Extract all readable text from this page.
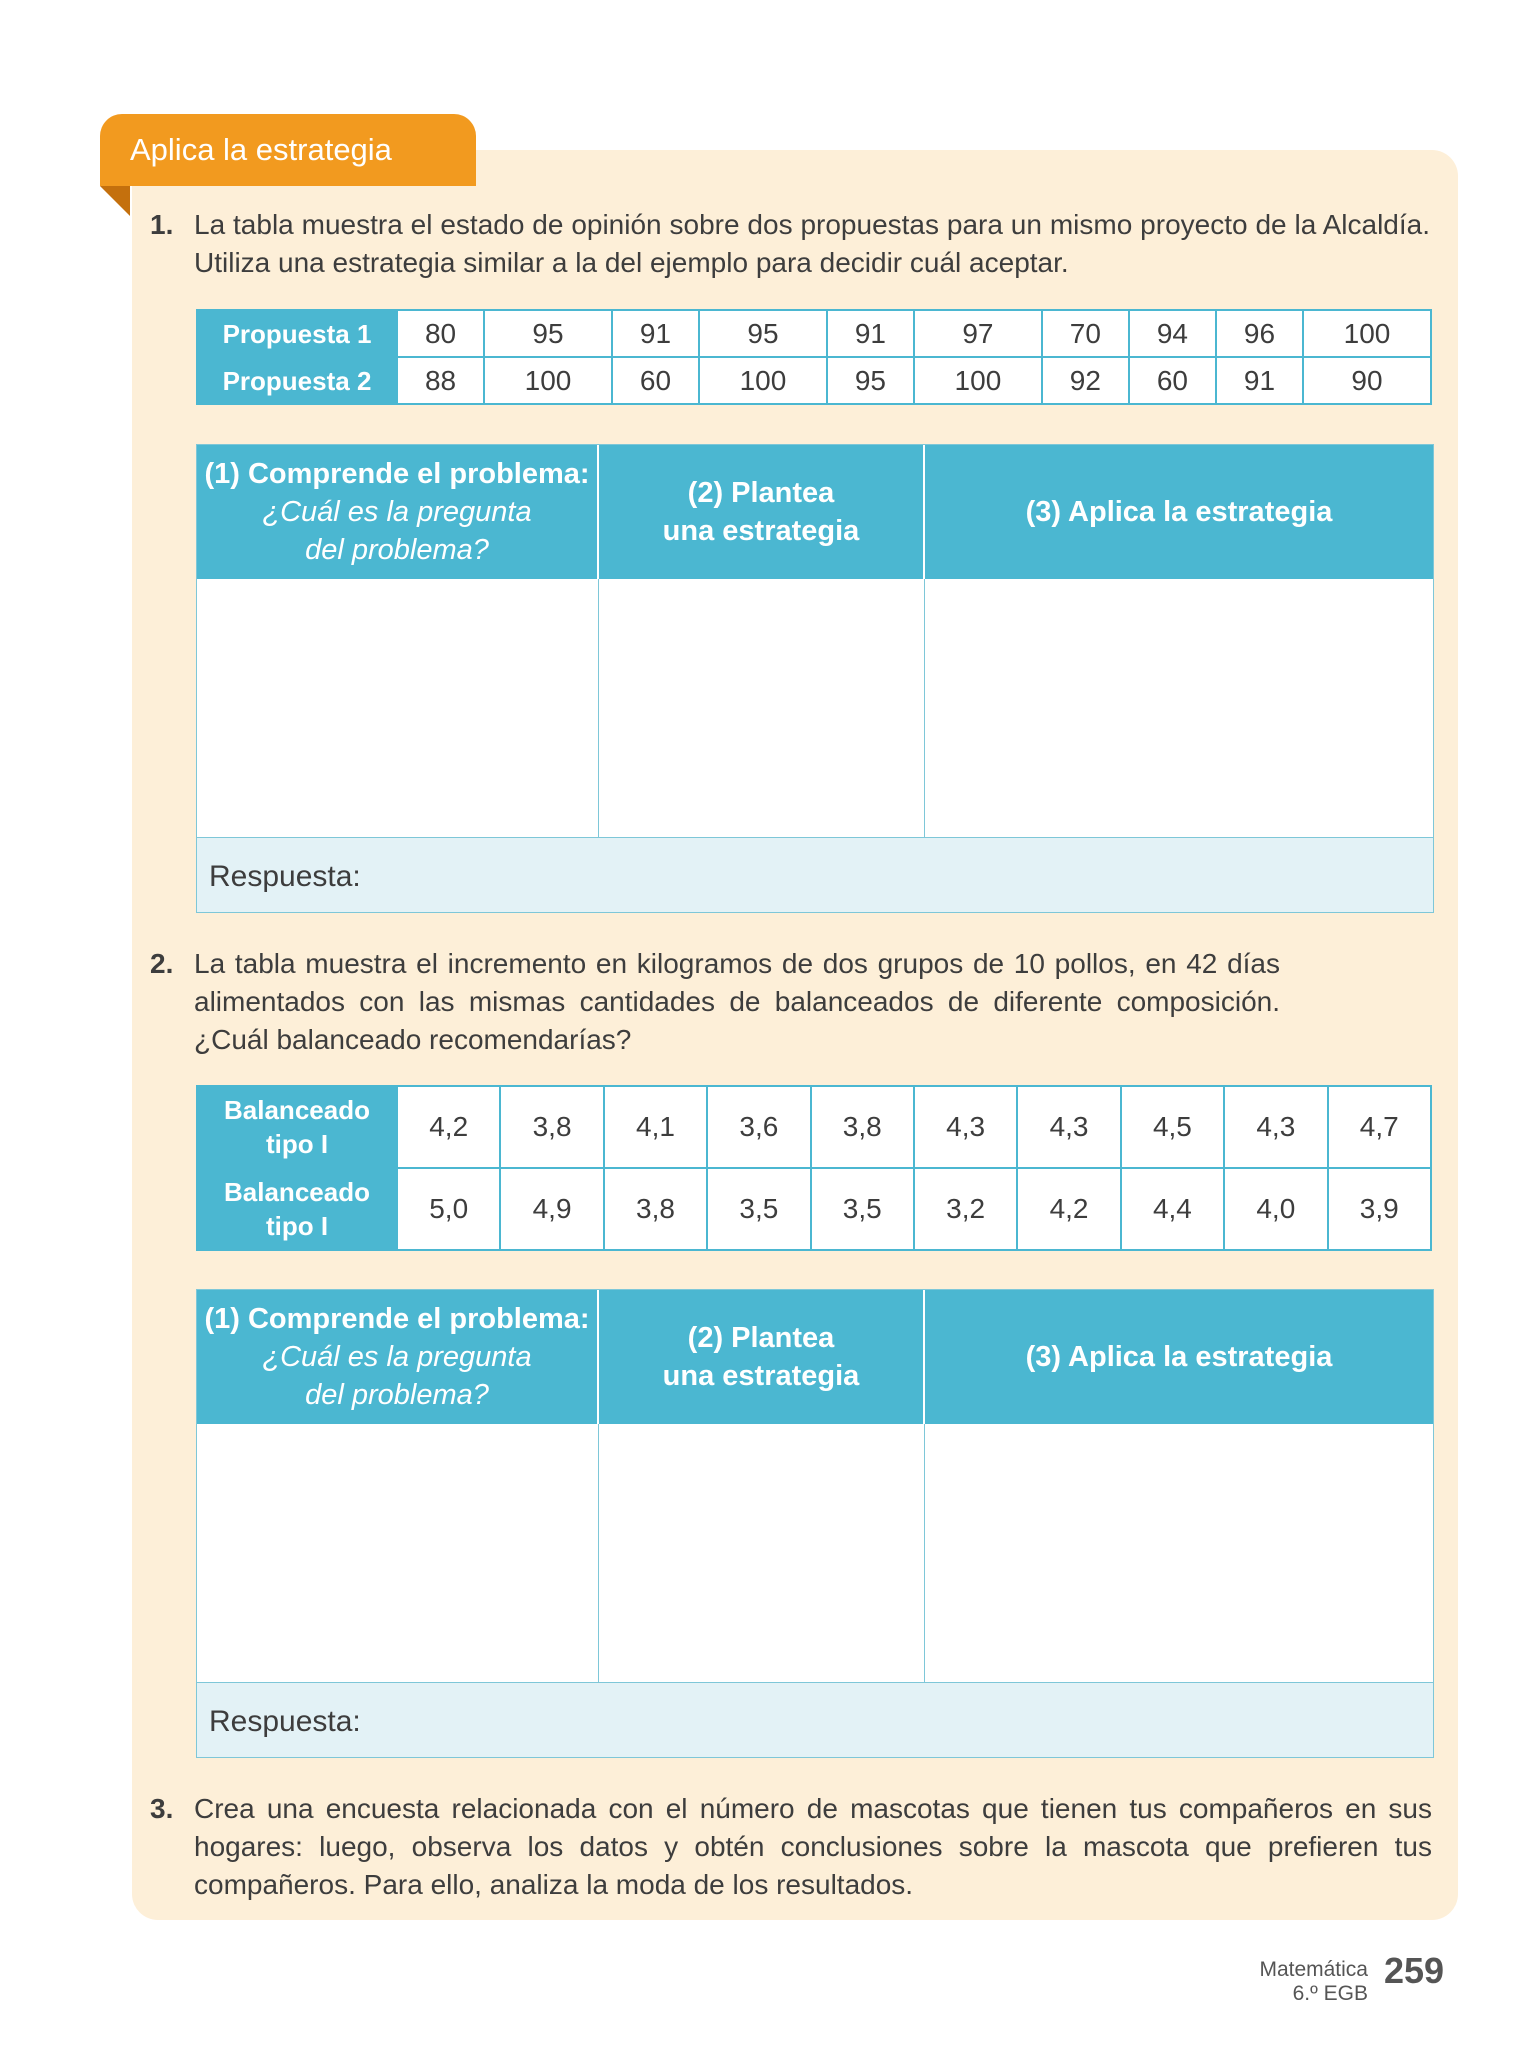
Aplica la estrategia
1. La tabla muestra el estado de opinión sobre dos propuestas para un mismo proyecto de la Alcaldía. Utiliza una estrategia similar a la del ejemplo para decidir cuál aceptar.
Propuesta 1	80	95	91	95	91	97	70	94	96	100
Propuesta 2	88	100	60	100	95	100	92	60	91	90
(1) Comprende el problema:
¿Cuál es la pregunta
del problema?
(2) Plantea
una estrategia
(3) Aplica la estrategia
Respuesta:
2. La tabla muestra el incremento en kilogramos de dos grupos de 10 pollos, en 42 días alimentados con las mismas cantidades de balanceados de diferente composición. ¿Cuál balanceado recomendarías?
Balanceado
tipo I	4,2	3,8	4,1	3,6	3,8	4,3	4,3	4,5	4,3	4,7
Balanceado
tipo I	5,0	4,9	3,8	3,5	3,5	3,2	4,2	4,4	4,0	3,9
(1) Comprende el problema:
¿Cuál es la pregunta
del problema?
(2) Plantea
una estrategia
(3) Aplica la estrategia
Respuesta:
3. Crea una encuesta relacionada con el número de mascotas que tienen tus compañeros en sus hogares: luego, observa los datos y obtén conclusiones sobre la mascota que prefieren tus compañeros. Para ello, analiza la moda de los resultados.
Matemática
6.º EGB
259
